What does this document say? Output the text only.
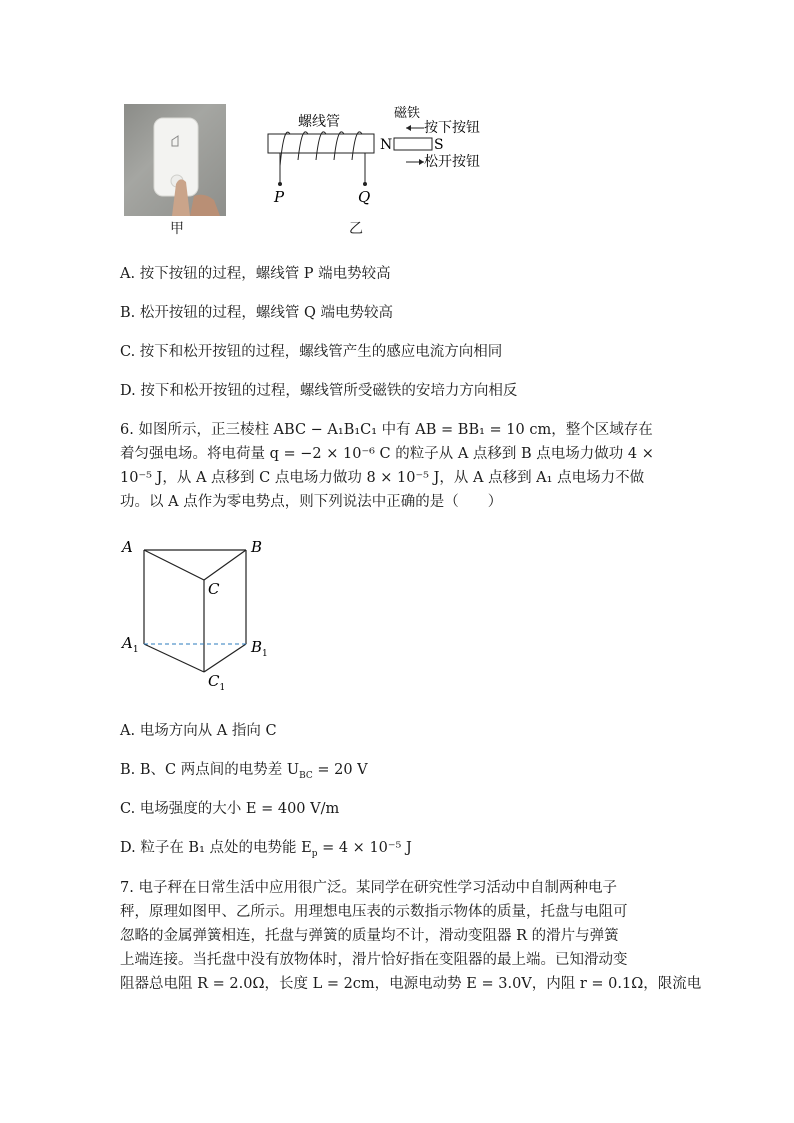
甲
P	Q
螺线管
N	S
磁铁
按下按钮
松开按钮
乙
A. 按下按钮的过程，螺线管 P 端电势较高
B. 松开按钮的过程，螺线管 Q 端电势较高
C. 按下和松开按钮的过程，螺线管产生的感应电流方向相同
D. 按下和松开按钮的过程，螺线管所受磁铁的安培力方向相反
6. 如图所示，正三棱柱 ABC − A₁B₁C₁ 中有 AB = BB₁ = 10 cm，整个区域存在
着匀强电场。将电荷量 q = −2 × 10⁻⁶ C 的粒子从 A 点移到 B 点电场力做功 4 ×
10⁻⁵ J，从 A 点移到 C 点电场力做功 8 × 10⁻⁵ J，从 A 点移到 A₁ 点电场力不做
功。以 A 点作为零电势点，则下列说法中正确的是（　　）
A	B
C
$A_1$	$B_1$
$C_1$
A. 电场方向从 A 指向 C
B. B、C 两点间的电势差 $U_{BC} = 20$ V
C. 电场强度的大小 E = 400 V/m
D. 粒子在 B₁ 点处的电势能 $E_p = 4 \times 10^{-5}$ J
7. 电子秤在日常生活中应用很广泛。某同学在研究性学习活动中自制两种电子
秤，原理如图甲、乙所示。用理想电压表的示数指示物体的质量，托盘与电阻可
忽略的金属弹簧相连，托盘与弹簧的质量均不计，滑动变阻器 R 的滑片与弹簧
上端连接。当托盘中没有放物体时，滑片恰好指在变阻器的最上端。已知滑动变
阻器总电阻 R = 2.0Ω，长度 L = 2cm，电源电动势 E = 3.0V，内阻 r = 0.1Ω，限流电
